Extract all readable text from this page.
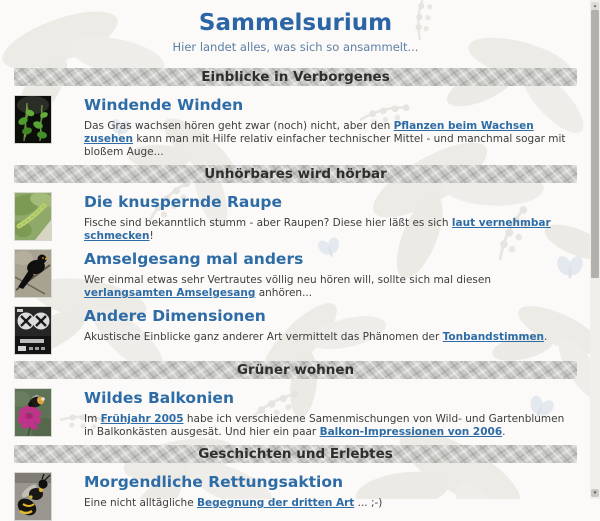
Sammelsurium

Hier landet alles, was sich so ansammelt...

Einblicke in Verborgenes
Windende Winden

Das Gras wachsen hören geht zwar (noch) nicht, aber den Pflanzen beim Wachsen zusehen kann man mit Hilfe relativ einfacher technischer Mittel - und manchmal sogar mit bloßem Auge...

Unhörbares wird hörbar
Die knuspernde Raupe

Fische sind bekanntlich stumm - aber Raupen? Diese hier läßt es sich laut vernehmbar schmecken!

Amselgesang mal anders

Wer einmal etwas sehr Vertrautes völlig neu hören will, sollte sich mal diesen verlangsamten Amselgesang anhören...

Andere Dimensionen

Akustische Einblicke ganz anderer Art vermittelt das Phänomen der Tonbandstimmen.

Grüner wohnen
Wildes Balkonien

Im Frühjahr 2005 habe ich verschiedene Samenmischungen von Wild- und Gartenblumen in Balkonkästen ausgesät. Und hier ein paar Balkon-Impressionen von 2006.

Geschichten und Erlebtes
Morgendliche Rettungsaktion

Eine nicht alltägliche Begegnung der dritten Art ... ;-)

▴
▾
